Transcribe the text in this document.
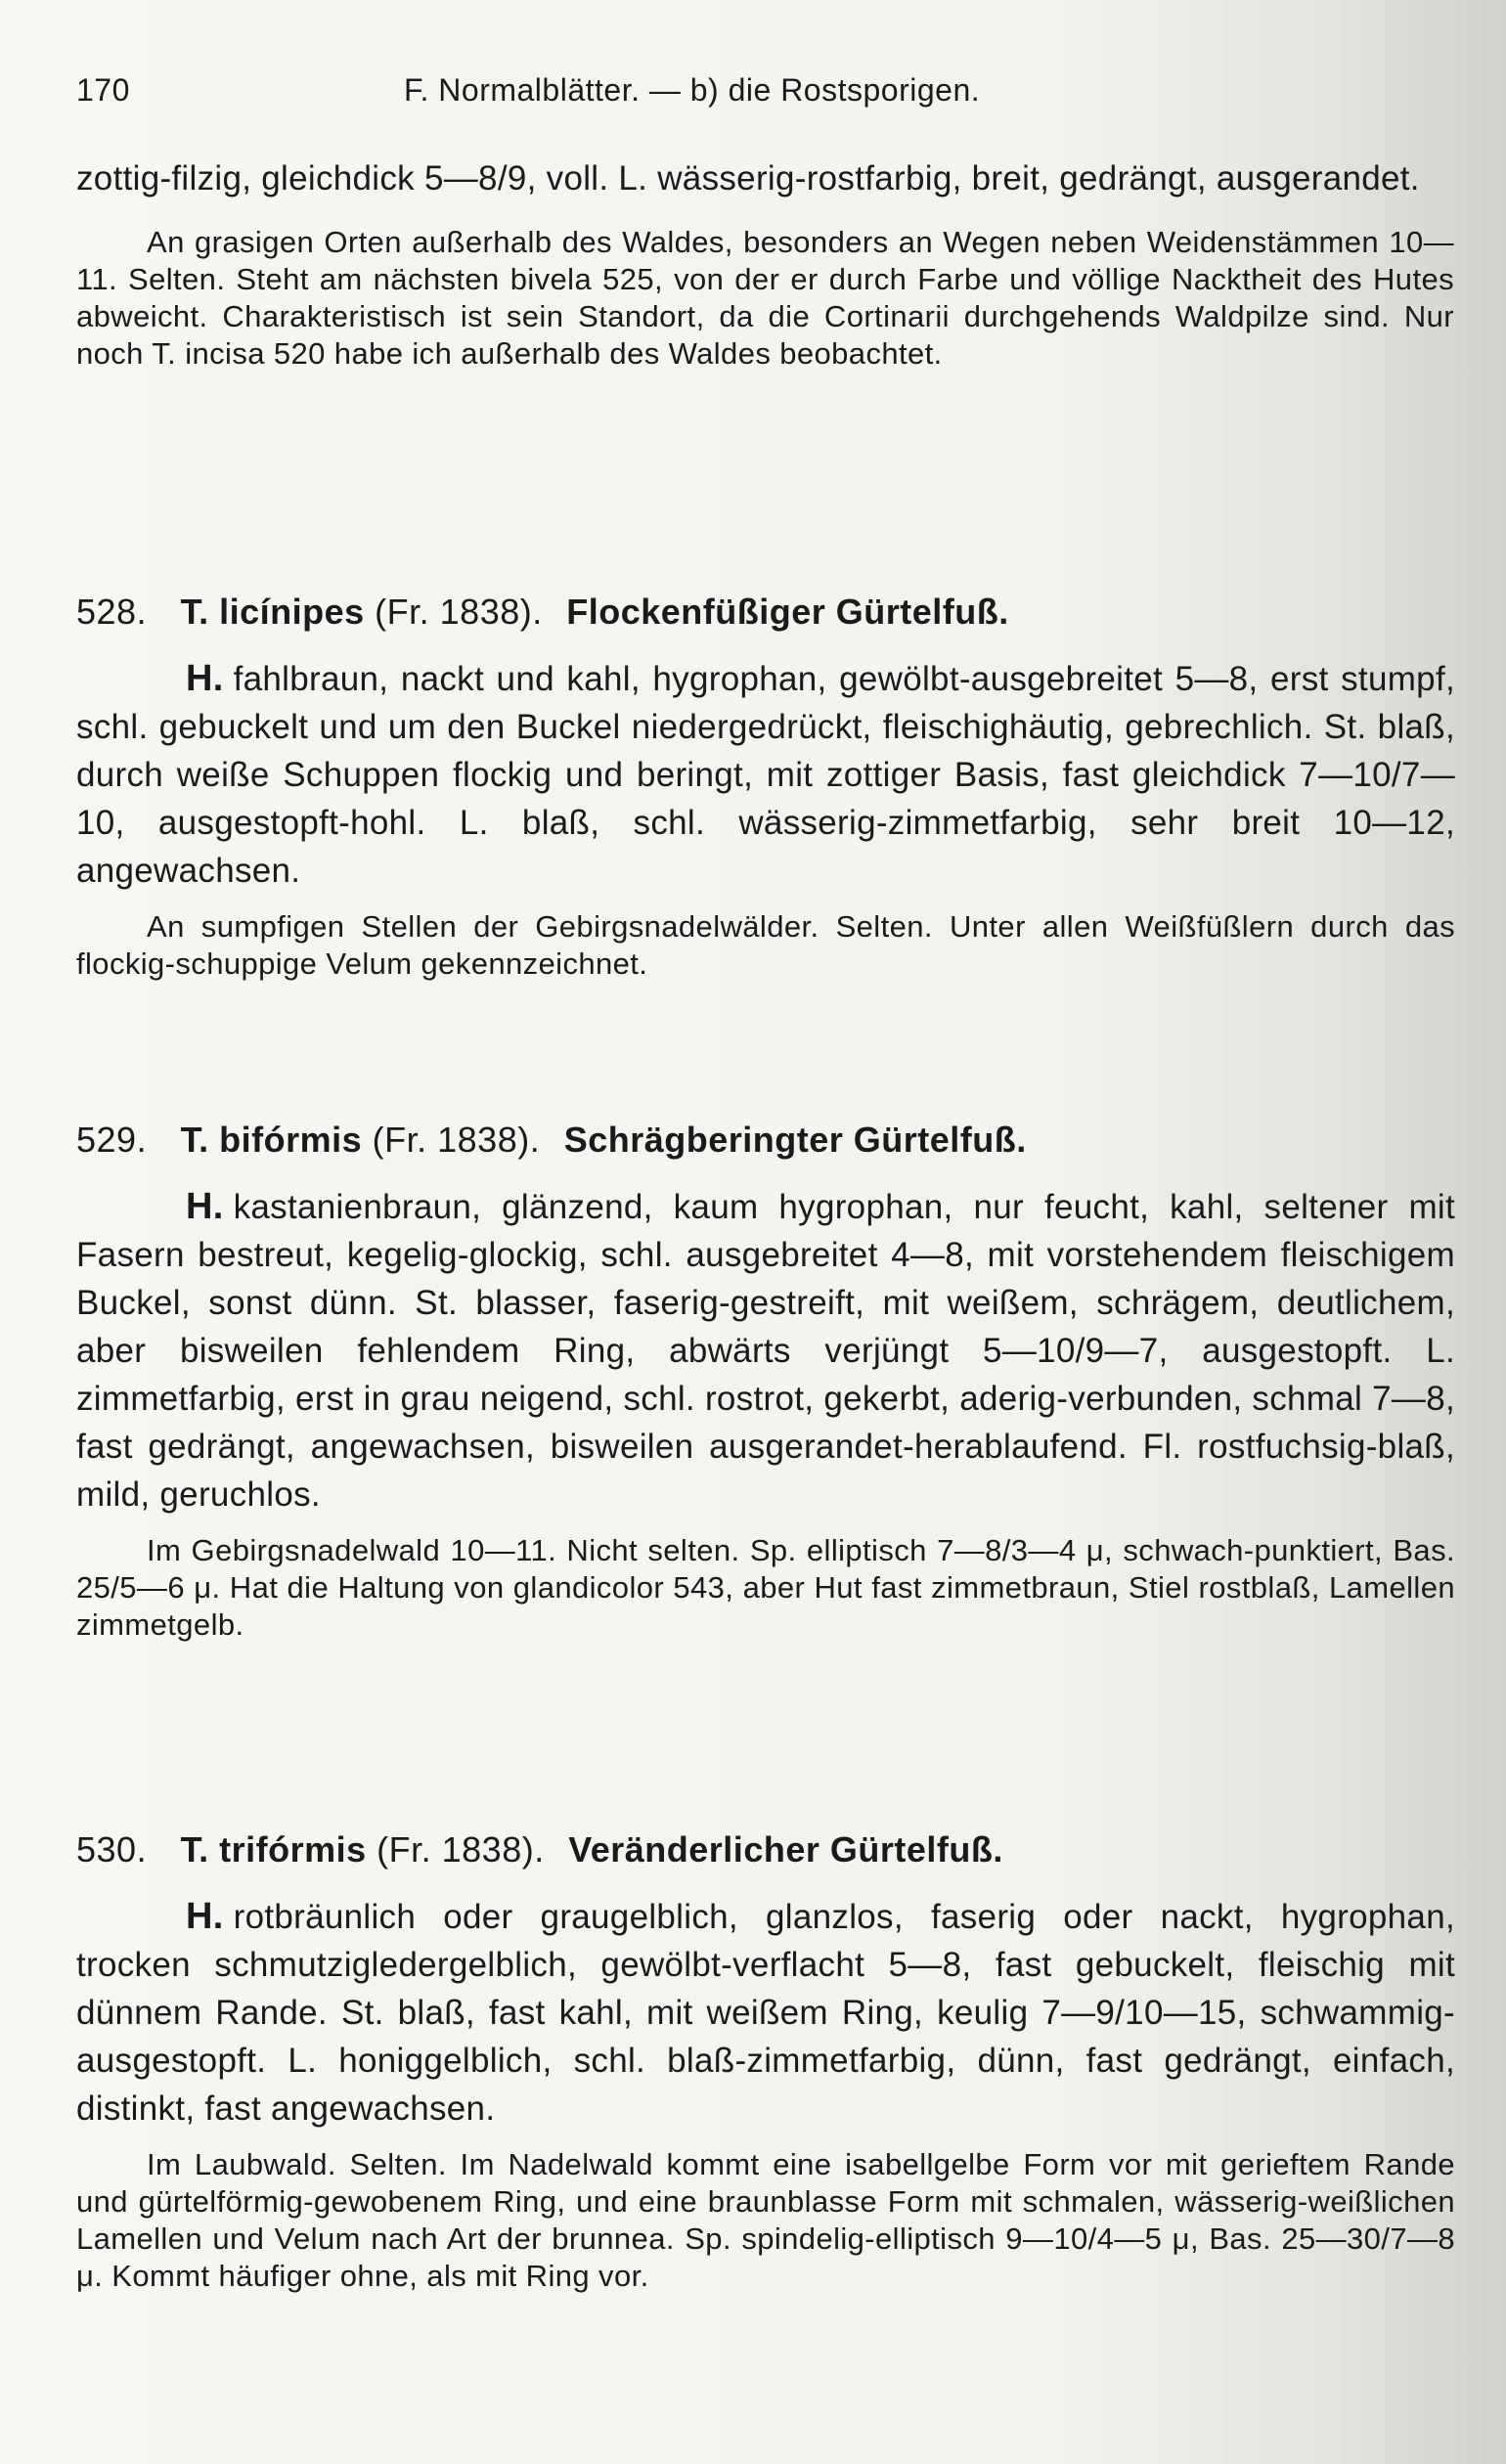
170	F. Normalblätter. — b) die Rostsporigen.

zottig-filzig, gleichdick 5—8/9, voll. L. wässerig-rostfarbig, breit, gedrängt, ausgerandet.

An grasigen Orten außerhalb des Waldes, besonders an Wegen neben Weidenstämmen 10—11. Selten. Steht am nächsten bivela 525, von der er durch Farbe und völlige Nacktheit des Hutes abweicht. Charakteristisch ist sein Standort, da die Cortinarii durchgehends Waldpilze sind. Nur noch T. incisa 520 habe ich außerhalb des Waldes beobachtet.

528. T. licínipes (Fr. 1838). Flockenfüßiger Gürtelfuß.

H. fahlbraun, nackt und kahl, hygrophan, gewölbt-ausgebreitet 5—8, erst stumpf, schl. gebuckelt und um den Buckel niedergedrückt, fleischighäutig, gebrechlich. St. blaß, durch weiße Schuppen flockig und beringt, mit zottiger Basis, fast gleichdick 7—10/7—10, ausgestopft-hohl. L. blaß, schl. wässerig-zimmetfarbig, sehr breit 10—12, angewachsen.

An sumpfigen Stellen der Gebirgsnadelwälder. Selten. Unter allen Weißfüßlern durch das flockig-schuppige Velum gekennzeichnet.

529. T. bifórmis (Fr. 1838). Schrägberingter Gürtelfuß.

H. kastanienbraun, glänzend, kaum hygrophan, nur feucht, kahl, seltener mit Fasern bestreut, kegelig-glockig, schl. ausgebreitet 4—8, mit vorstehendem fleischigem Buckel, sonst dünn. St. blasser, faserig-gestreift, mit weißem, schrägem, deutlichem, aber bisweilen fehlendem Ring, abwärts verjüngt 5—10/9—7, ausgestopft. L. zimmetfarbig, erst in grau neigend, schl. rostrot, gekerbt, aderig-verbunden, schmal 7—8, fast gedrängt, angewachsen, bisweilen ausgerandet-herablaufend. Fl. rostfuchsig-blaß, mild, geruchlos.

Im Gebirgsnadelwald 10—11. Nicht selten. Sp. elliptisch 7—8/3—4 μ, schwach-punktiert, Bas. 25/5—6 μ. Hat die Haltung von glandicolor 543, aber Hut fast zimmetbraun, Stiel rostblaß, Lamellen zimmetgelb.

530. T. trifórmis (Fr. 1838). Veränderlicher Gürtelfuß.

H. rotbräunlich oder graugelblich, glanzlos, faserig oder nackt, hygrophan, trocken schmutzigledergelblich, gewölbt-verflacht 5—8, fast gebuckelt, fleischig mit dünnem Rande. St. blaß, fast kahl, mit weißem Ring, keulig 7—9/10—15, schwammig-ausgestopft. L. honiggelblich, schl. blaß-zimmetfarbig, dünn, fast gedrängt, einfach, distinkt, fast angewachsen.

Im Laubwald. Selten. Im Nadelwald kommt eine isabellgelbe Form vor mit gerieftem Rande und gürtelförmig-gewobenem Ring, und eine braunblasse Form mit schmalen, wässerig-weißlichen Lamellen und Velum nach Art der brunnea. Sp. spindelig-elliptisch 9—10/4—5 μ, Bas. 25—30/7—8 μ. Kommt häufiger ohne, als mit Ring vor.
